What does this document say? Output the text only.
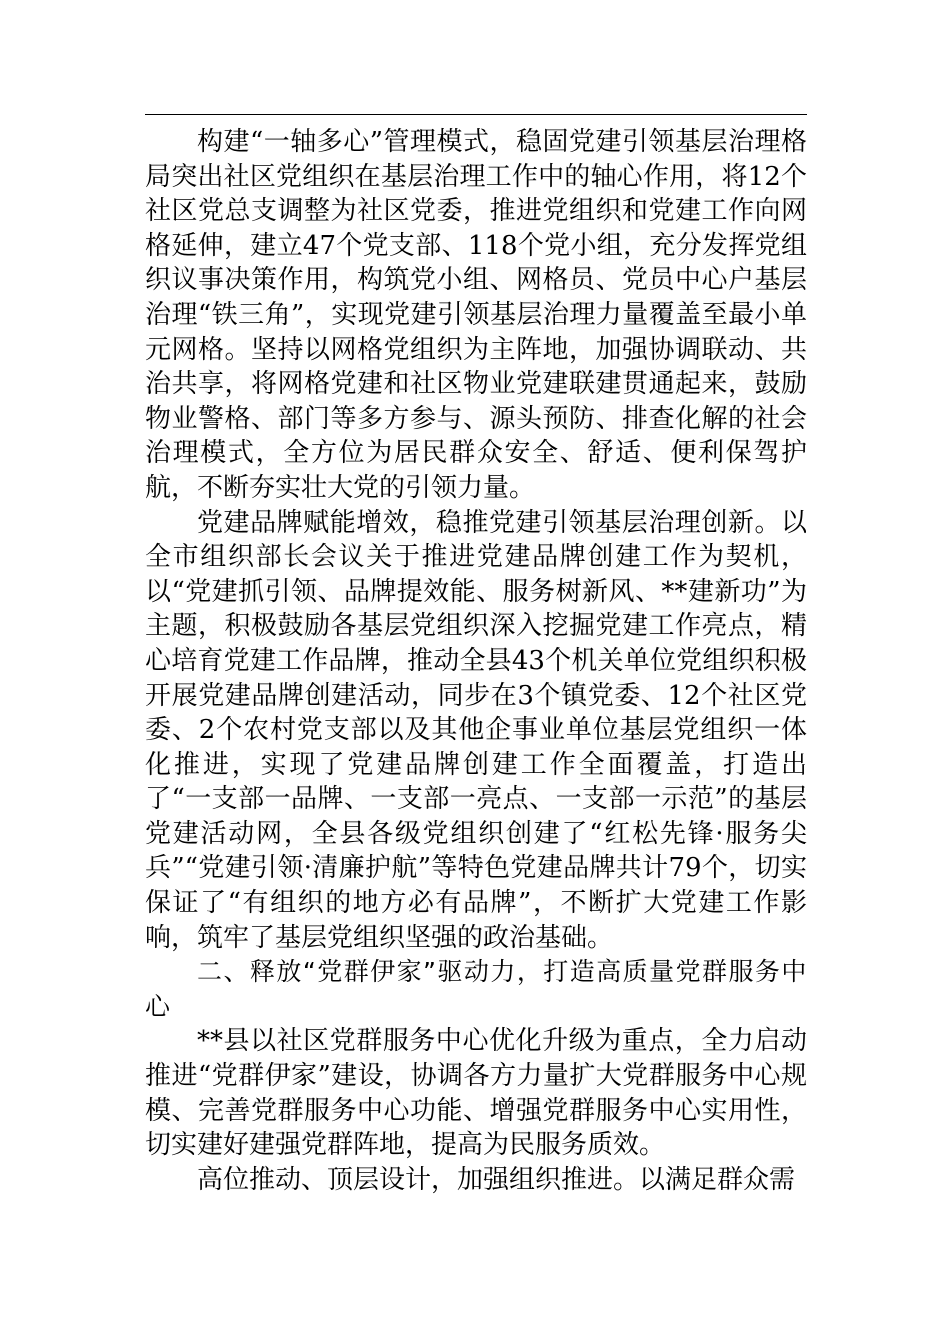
构建“一轴多心”管理模式，稳固党建引领基层治理格局突出社区党组织在基层治理工作中的轴心作用，将12个社区党总支调整为社区党委，推进党组织和党建工作向网格延伸，建立47个党支部、118个党小组，充分发挥党组织议事决策作用，构筑党小组、网格员、党员中心户基层治理“铁三角”，实现党建引领基层治理力量覆盖至最小单元网格。坚持以网格党组织为主阵地，加强协调联动、共治共享，将网格党建和社区物业党建联建贯通起来，鼓励物业警格、部门等多方参与、源头预防、排查化解的社会治理模式，全方位为居民群众安全、舒适、便利保驾护航，不断夯实壮大党的引领力量。

党建品牌赋能增效，稳推党建引领基层治理创新。以全市组织部长会议关于推进党建品牌创建工作为契机，以“党建抓引领、品牌提效能、服务树新风、**建新功”为主题，积极鼓励各基层党组织深入挖掘党建工作亮点，精心培育党建工作品牌，推动全县43个机关单位党组织积极开展党建品牌创建活动，同步在3个镇党委、12个社区党委、2个农村党支部以及其他企事业单位基层党组织一体化推进，实现了党建品牌创建工作全面覆盖，打造出了“一支部一品牌、一支部一亮点、一支部一示范”的基层党建活动网，全县各级党组织创建了“红松先锋·服务尖兵”“党建引领·清廉护航”等特色党建品牌共计79个，切实保证了“有组织的地方必有品牌”，不断扩大党建工作影响，筑牢了基层党组织坚强的政治基础。

二、释放“党群伊家”驱动力，打造高质量党群服务中心

**县以社区党群服务中心优化升级为重点，全力启动推进“党群伊家”建设，协调各方力量扩大党群服务中心规模、完善党群服务中心功能、增强党群服务中心实用性，切实建好建强党群阵地，提高为民服务质效。

高位推动、顶层设计，加强组织推进。以满足群众需
